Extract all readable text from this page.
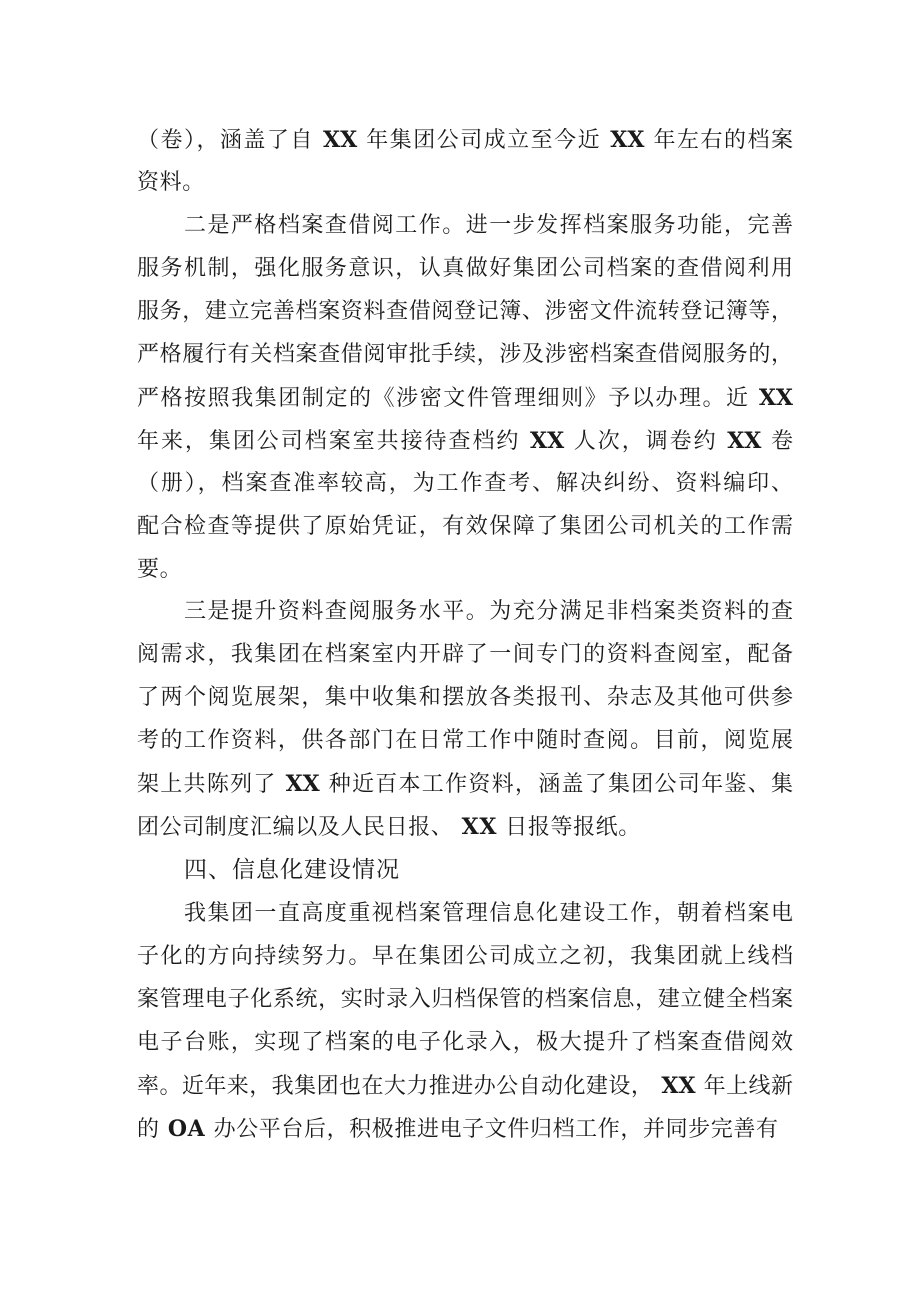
（卷），涵盖了自 XX 年集团公司成立至今近 XX 年左右的档案
资料。
　　二是严格档案查借阅工作。进一步发挥档案服务功能，完善
服务机制，强化服务意识，认真做好集团公司档案的查借阅利用
服务，建立完善档案资料查借阅登记簿、涉密文件流转登记簿等，
严格履行有关档案查借阅审批手续，涉及涉密档案查借阅服务的，
严格按照我集团制定的《涉密文件管理细则》予以办理。近 XX
年来，集团公司档案室共接待查档约 XX 人次，调卷约 XX 卷
（册），档案查准率较高，为工作查考、解决纠纷、资料编印、
配合检查等提供了原始凭证，有效保障了集团公司机关的工作需
要。
　　三是提升资料查阅服务水平。为充分满足非档案类资料的查
阅需求，我集团在档案室内开辟了一间专门的资料查阅室，配备
了两个阅览展架，集中收集和摆放各类报刊、杂志及其他可供参
考的工作资料，供各部门在日常工作中随时查阅。目前，阅览展
架上共陈列了 XX 种近百本工作资料，涵盖了集团公司年鉴、集
团公司制度汇编以及人民日报、 XX 日报等报纸。
　　我集团一直高度重视档案管理信息化建设工作，朝着档案电
子化的方向持续努力。早在集团公司成立之初，我集团就上线档
案管理电子化系统，实时录入归档保管的档案信息，建立健全档案
电子台账，实现了档案的电子化录入，极大提升了档案查借阅效
率。近年来，我集团也在大力推进办公自动化建设， XX 年上线新
的 OA 办公平台后，积极推进电子文件归档工作，并同步完善有
四、信息化建设情况
